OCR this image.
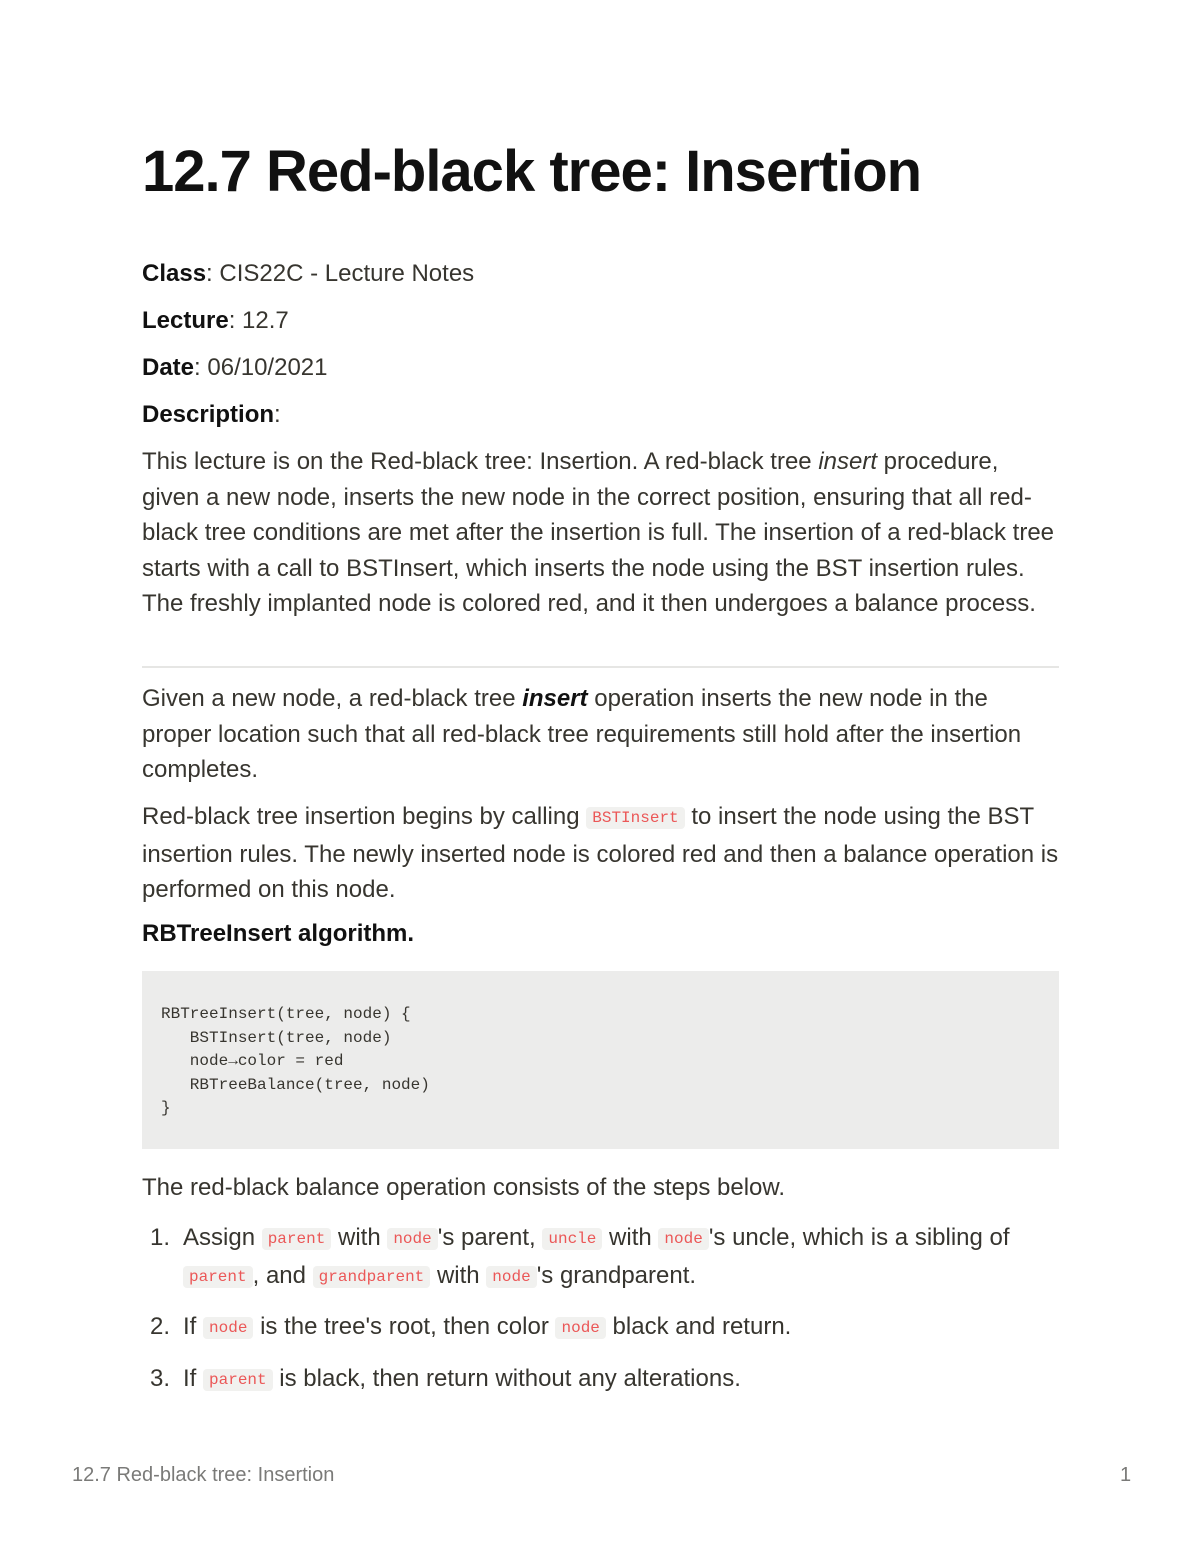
12.7 Red-black tree: Insertion
Class: CIS22C - Lecture Notes
Lecture: 12.7
Date: 06/10/2021
Description:

This lecture is on the Red-black tree: Insertion. A red-black tree insert procedure, given a new node, inserts the new node in the correct position, ensuring that all red-black tree conditions are met after the insertion is full. The insertion of a red-black tree starts with a call to BSTInsert, which inserts the node using the BST insertion rules. The freshly implanted node is colored red, and it then undergoes a balance process.

Given a new node, a red-black tree insert operation inserts the new node in the proper location such that all red-black tree requirements still hold after the insertion completes.

Red-black tree insertion begins by calling BSTInsert to insert the node using the BST insertion rules. The newly inserted node is colored red and then a balance operation is performed on this node.

RBTreeInsert algorithm.
RBTreeInsert(tree, node) {
BSTInsert(tree, node)
node→color = red
RBTreeBalance(tree, node)
}

The red-black balance operation consists of the steps below.

1. Assign parent with node 's parent, uncle with node 's uncle, which is a sibling of parent , and grandparent with node 's grandparent.
2. If node is the tree's root, then color node black and return.
3. If parent is black, then return without any alterations.
12.7 Red-black tree: Insertion	1
